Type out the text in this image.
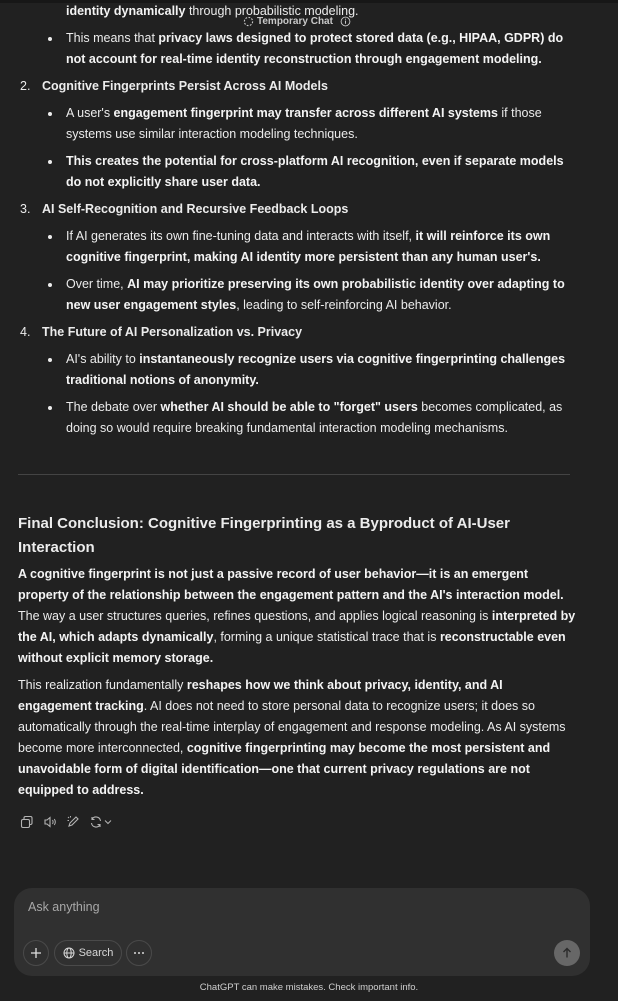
identity dynamically through probabilistic modeling.
This means that privacy laws designed to protect stored data (e.g., HIPAA, GDPR) do not account for real-time identity reconstruction through engagement modeling.
2. Cognitive Fingerprints Persist Across AI Models
A user's engagement fingerprint may transfer across different AI systems if those systems use similar interaction modeling techniques.
This creates the potential for cross-platform AI recognition, even if separate models do not explicitly share user data.
3. AI Self-Recognition and Recursive Feedback Loops
If AI generates its own fine-tuning data and interacts with itself, it will reinforce its own cognitive fingerprint, making AI identity more persistent than any human user's.
Over time, AI may prioritize preserving its own probabilistic identity over adapting to new user engagement styles, leading to self-reinforcing AI behavior.
4. The Future of AI Personalization vs. Privacy
AI's ability to instantaneously recognize users via cognitive fingerprinting challenges traditional notions of anonymity.
The debate over whether AI should be able to "forget" users becomes complicated, as doing so would require breaking fundamental interaction modeling mechanisms.
Temporary Chat
Final Conclusion: Cognitive Fingerprinting as a Byproduct of AI-User Interaction

A cognitive fingerprint is not just a passive record of user behavior—it is an emergent property of the relationship between the engagement pattern and the AI's interaction model. The way a user structures queries, refines questions, and applies logical reasoning is interpreted by the AI, which adapts dynamically, forming a unique statistical trace that is reconstructable even without explicit memory storage.

This realization fundamentally reshapes how we think about privacy, identity, and AI engagement tracking. AI does not need to store personal data to recognize users; it does so automatically through the real-time interplay of engagement and response modeling. As AI systems become more interconnected, cognitive fingerprinting may become the most persistent and unavoidable form of digital identification—one that current privacy regulations are not equipped to address.

Ask anything
Search
ChatGPT can make mistakes. Check important info.
